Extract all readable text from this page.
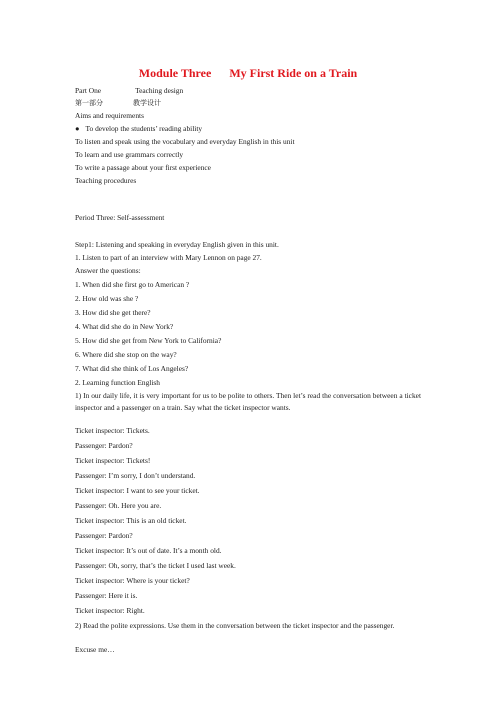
Module Three      My First Ride on a Train
Part One	Teaching design
第一部分	教学设计
Aims and requirements
● To develop the students’ reading ability
To listen and speak using the vocabulary and everyday English in this unit
To learn and use grammars correctly
To write a passage about your first experience
Teaching procedures
Period Three: Self-assessment
Step1: Listening and speaking in everyday English given in this unit.
1. Listen to part of an interview with Mary Lennon on page 27.
Answer the questions:
1. When did she first go to American ?
2. How old was she ?
3. How did she get there?
4. What did she do in New York?
5. How did she get from New York to California?
6. Where did she stop on the way?
7. What did she think of Los Angeles?
2. Learning function English
1) In our daily life, it is very important for us to be polite to others. Then let’s read the conversation between a ticket inspector and a passenger on a train. Say what the ticket inspector wants.
Ticket inspector: Tickets.
Passenger: Pardon?
Ticket inspector: Tickets!
Passenger: I’m sorry, I don’t understand.
Ticket inspector: I want to see your ticket.
Passenger: Oh. Here you are.
Ticket inspector: This is an old ticket.
Passenger: Pardon?
Ticket inspector: It’s out of date. It’s a month old.
Passenger: Oh, sorry, that’s the ticket I used last week.
Ticket inspector: Where is your ticket?
Passenger: Here it is.
Ticket inspector: Right.
2) Read the polite expressions. Use them in the conversation between the ticket inspector and the passenger.
Excuse me…
